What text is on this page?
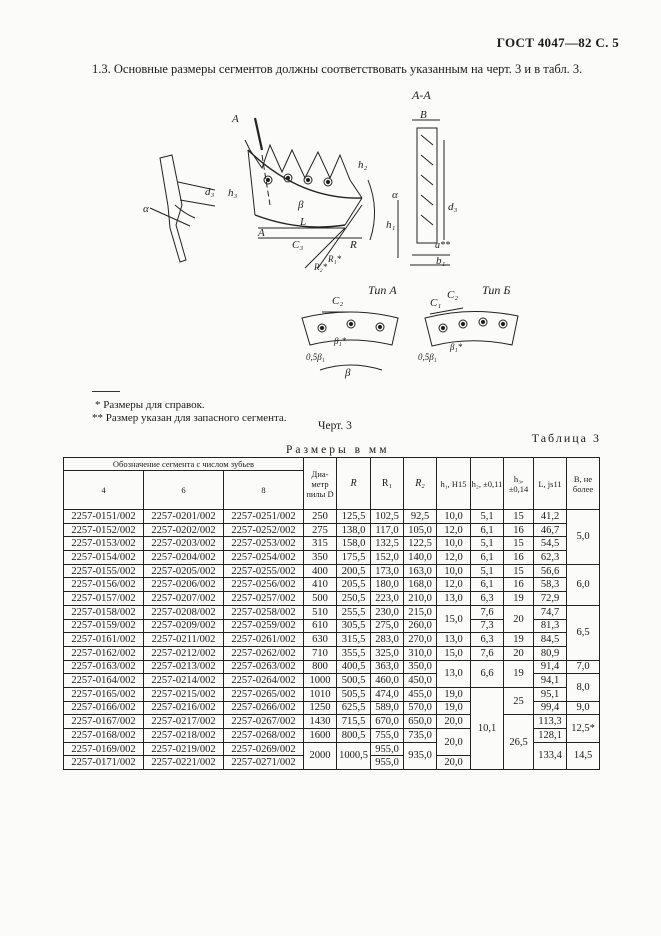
ГОСТ 4047—82 С. 5
1.3. Основные размеры сегментов должны соответствовать указанным на черт. 3 и в табл. 3.
A
A
L
C₃
β
h₃
h₂
R
R₁*
R₂*
d₃
α
А-А
B
α
h₁
d₃
a**
b₁
C₂
Тип A
β₁*
0,5β₁
β
C₁
C₂ Тип Б
β₁*
0,5β₁
* Размеры для справок.
** Размер указан для запасного сегмента.
Черт. 3
Таблица 3
Размеры в мм
Обозначение сегмента с числом зубьев			Диа-метр пилы D	R	R₁	R₂	h₁, H15	h₂, ±0,11	h₃, ±0,14	L, js11	B, не более
4	6	8									
2257-0151/002	2257-0201/002	2257-0251/002	250	125,5	102,5	92,5	10,0	5,1	15	41,2	5,0
2257-0152/002	2257-0202/002	2257-0252/002	275	138,0	117,0	105,0	12,0	6,1	16	46,7	
2257-0153/002	2257-0203/002	2257-0253/002	315	158,0	132,5	122,5	10,0	5,1	15	54,5	
2257-0154/002	2257-0204/002	2257-0254/002	350	175,5	152,0	140,0	12,0	6,1	16	62,3	
2257-0155/002	2257-0205/002	2257-0255/002	400	200,5	173,0	163,0	10,0	5,1	15	56,6	6,0
2257-0156/002	2257-0206/002	2257-0256/002	410	205,5	180,0	168,0	12,0	6,1	16	58,3	
2257-0157/002	2257-0207/002	2257-0257/002	500	250,5	223,0	210,0	13,0	6,3	19	72,9	
2257-0158/002	2257-0208/002	2257-0258/002	510	255,5	230,0	215,0	15,0	7,6	20	74,7	6,5
2257-0159/002	2257-0209/002	2257-0259/002	610	305,5	275,0	260,0		7,3		81,3	
2257-0161/002	2257-0211/002	2257-0261/002	630	315,5	283,0	270,0	13,0	6,3	19	84,5	
2257-0162/002	2257-0212/002	2257-0262/002	710	355,5	325,0	310,0	15,0	7,6	20	80,9	
2257-0163/002	2257-0213/002	2257-0263/002	800	400,5	363,0	350,0	13,0	6,6	19	91,4	7,0
2257-0164/002	2257-0214/002	2257-0264/002	1000	500,5	460,0	450,0				94,1	8,0
2257-0165/002	2257-0215/002	2257-0265/002	1010	505,5	474,0	455,0	19,0	10,1	25	95,1	
2257-0166/002	2257-0216/002	2257-0266/002	1250	625,5	589,0	570,0	19,0			99,4	9,0
2257-0167/002	2257-0217/002	2257-0267/002	1430	715,5	670,0	650,0	20,0		26,5	113,3	12,5*
2257-0168/002	2257-0218/002	2257-0268/002	1600	800,5	755,0	735,0	20,0			128,1	
2257-0169/002	2257-0219/002	2257-0269/002	2000	1000,5	955,0	935,0				133,4	14,5
2257-0171/002	2257-0221/002	2257-0271/002			955,0		20,0				
